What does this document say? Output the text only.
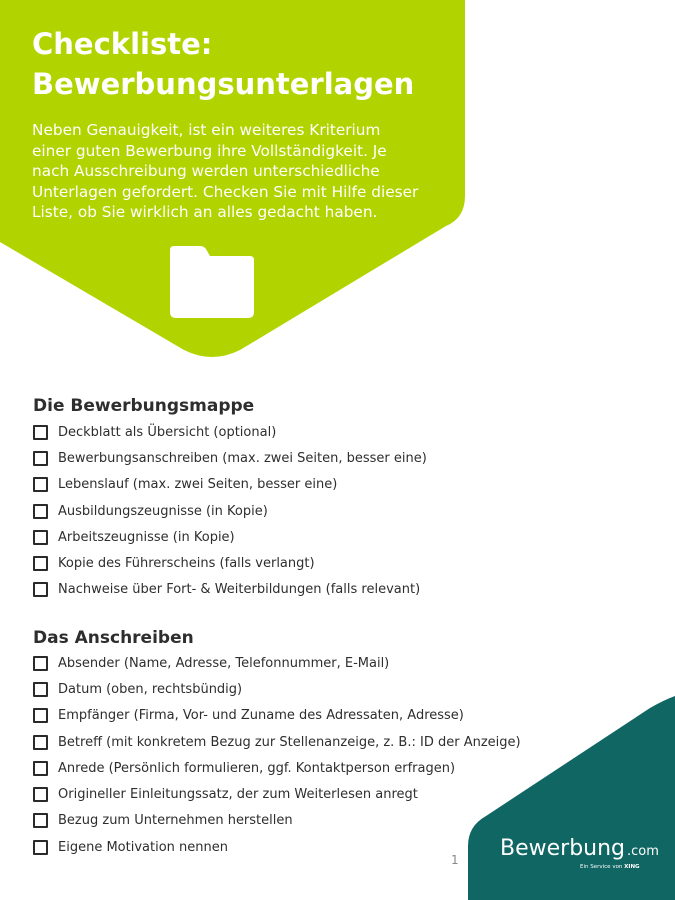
Checkliste:
Bewerbungsunterlagen

Neben Genauigkeit, ist ein weiteres Kriterium
einer guten Bewerbung ihre Vollständigkeit. Je
nach Ausschreibung werden unterschiedliche
Unterlagen gefordert. Checken Sie mit Hilfe dieser
Liste, ob Sie wirklich an alles gedacht haben.

Die Bewerbungsmappe
Deckblatt als Übersicht (optional)
Bewerbungsanschreiben (max. zwei Seiten, besser eine)
Lebenslauf (max. zwei Seiten, besser eine)
Ausbildungszeugnisse (in Kopie)
Arbeitszeugnisse (in Kopie)
Kopie des Führerscheins (falls verlangt)
Nachweise über Fort- & Weiterbildungen (falls relevant)
Das Anschreiben
Absender (Name, Adresse, Telefonnummer, E-Mail)
Datum (oben, rechtsbündig)
Empfänger (Firma, Vor- und Zuname des Adressaten, Adresse)
Betreff (mit konkretem Bezug zur Stellenanzeige, z. B.: ID der Anzeige)
Anrede (Persönlich formulieren, ggf. Kontaktperson erfragen)
Origineller Einleitungssatz, der zum Weiterlesen anregt
Bezug zum Unternehmen herstellen
Eigene Motivation nennen
1 Bewerbung .com
Ein Service von XING
